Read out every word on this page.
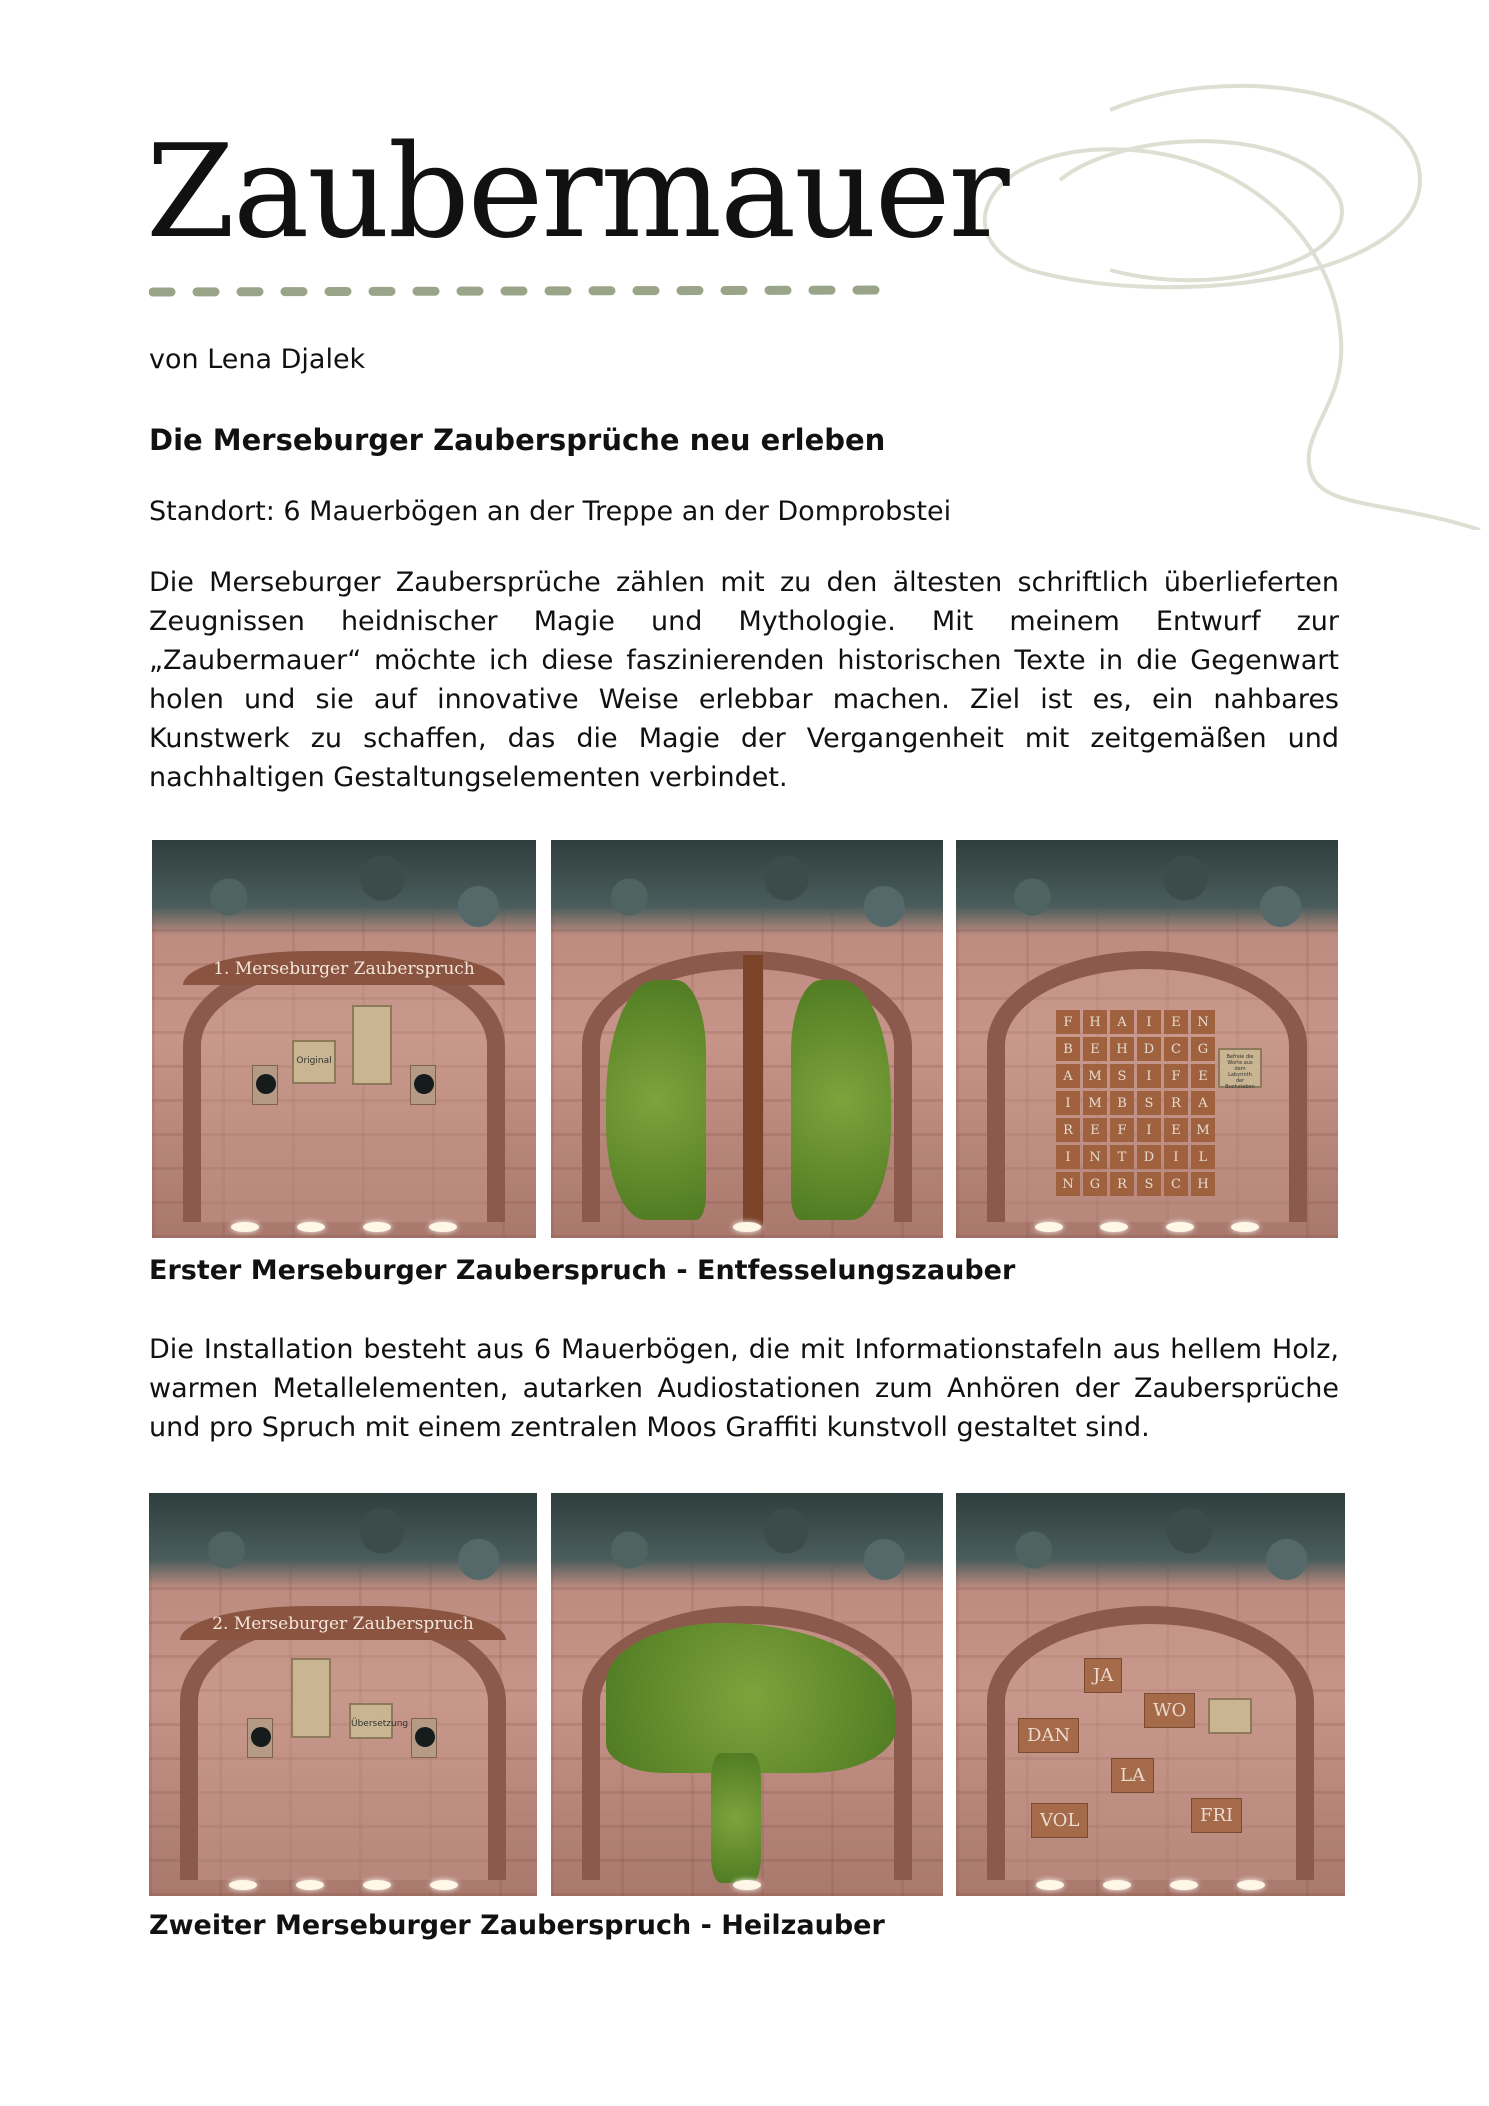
Zaubermauer
von Lena Djalek
Die Merseburger Zaubersprüche neu erleben
Standort: 6 Mauerbögen an der Treppe an der Domprobstei
Die Merseburger Zaubersprüche zählen mit zu den ältesten schriftlich überlieferten Zeugnissen heidnischer Magie und Mythologie. Mit meinem Entwurf zur „Zaubermauer“ möchte ich diese faszinierenden historischen Texte in die Gegenwart holen und sie auf innovative Weise erlebbar machen. Ziel ist es, ein nahbares Kunstwerk zu schaffen, das die Magie der Vergangenheit mit zeitgemäßen und nachhaltigen Gestaltungselementen verbindet.
1. Merseburger Zauberspruch
Original
F	H	A	I	E	N
B	E	H	D	C	G
A	M	S	I	F	E
I	M	B	S	R	A
R	E	F	I	E	M
I	N	T	D	I	L
N	G	R	S	C	H
Befreie die Worte aus dem Labyrinth der Buchstaben
Erster Merseburger Zauberspruch - Entfesselungszauber
Die Installation besteht aus 6 Mauerbögen, die mit Informationstafeln aus hellem Holz, warmen Metallelementen, autarken Audiostationen zum Anhören der Zaubersprüche und pro Spruch mit einem zentralen Moos Graffiti kunstvoll gestaltet sind.
2. Merseburger Zauberspruch
Übersetzung
JA
WO
DAN
LA
VOL	FRI
Zweiter Merseburger Zauberspruch - Heilzauber
